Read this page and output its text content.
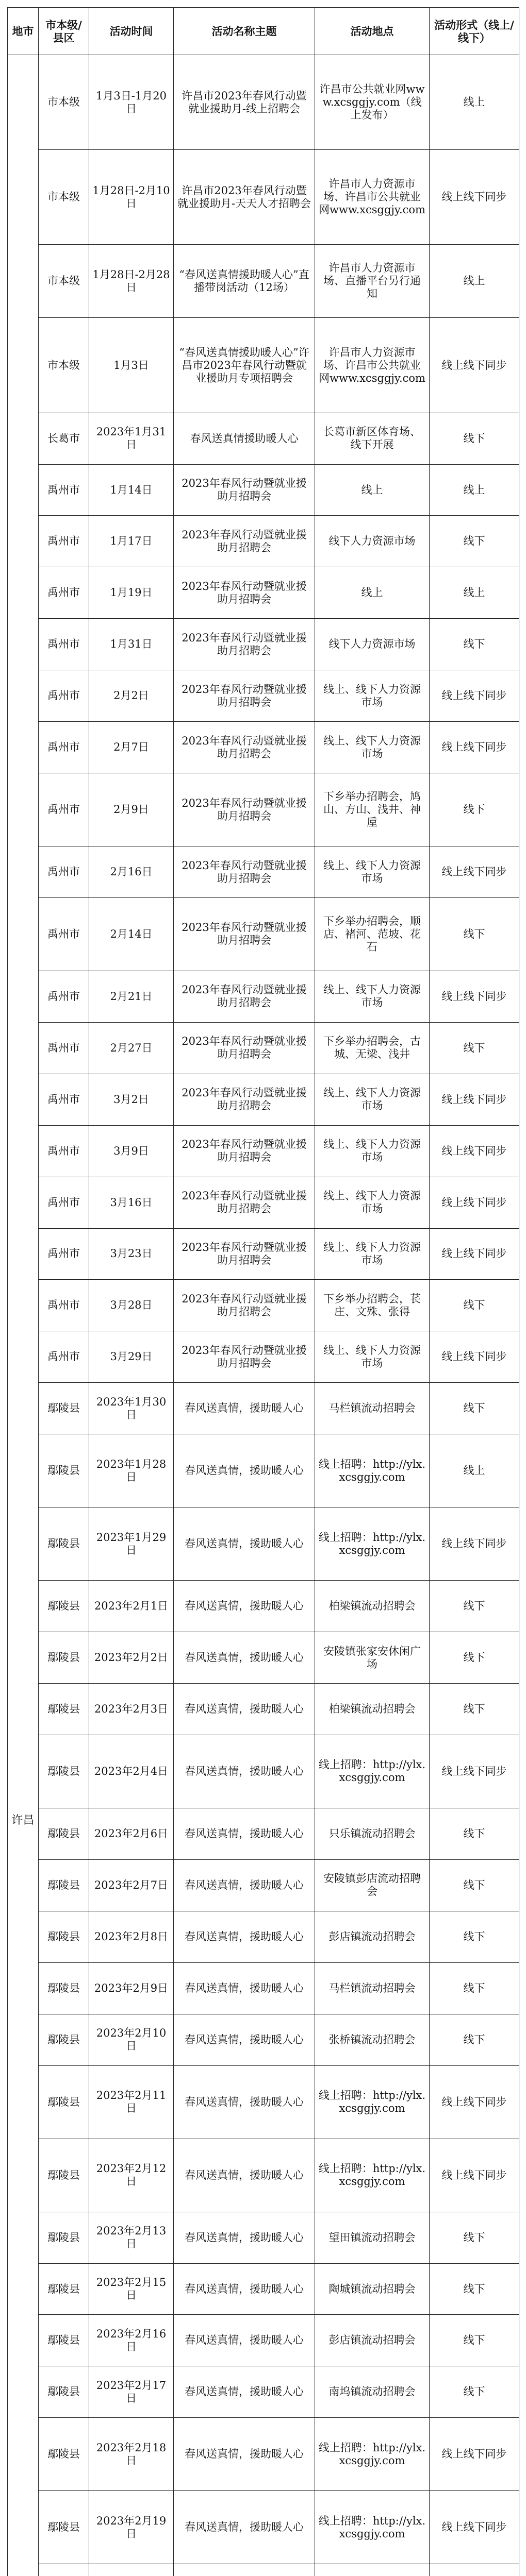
地市	市本级/县区	活动时间	活动名称主题	活动地点	活动形式（线上/线下）
许昌	市本级	1月3日-1月20日	许昌市2023年春风行动暨就业援助月-线上招聘会	许昌市公共就业网www.xcsggjy.com（线上发布）	线上
	市本级	1月28日-2月10日	许昌市2023年春风行动暨就业援助月-天天人才招聘会	许昌市人力资源市场、许昌市公共就业网www.xcsggjy.com	线上线下同步
	市本级	1月28日-2月28日	“春风送真情援助暖人心”直播带岗活动（12场）	许昌市人力资源市场、直播平台另行通知	线上
	市本级	1月3日	“春风送真情援助暖人心”许昌市2023年春风行动暨就业援助月专项招聘会	许昌市人力资源市场、许昌市公共就业网www.xcsggjy.com	线上线下同步
	长葛市	2023年1月31日	春风送真情援助暖人心	长葛市新区体育场、线下开展	线下
	禹州市	1月14日	2023年春风行动暨就业援助月招聘会	线上	线上
	禹州市	1月17日	2023年春风行动暨就业援助月招聘会	线下人力资源市场	线下
	禹州市	1月19日	2023年春风行动暨就业援助月招聘会	线上	线上
	禹州市	1月31日	2023年春风行动暨就业援助月招聘会	线下人力资源市场	线下
	禹州市	2月2日	2023年春风行动暨就业援助月招聘会	线上、线下人力资源市场	线上线下同步
	禹州市	2月7日	2023年春风行动暨就业援助月招聘会	线上、线下人力资源市场	线上线下同步
	禹州市	2月9日	2023年春风行动暨就业援助月招聘会	下乡举办招聘会，鸠山、方山、浅井、神垕	线下
	禹州市	2月16日	2023年春风行动暨就业援助月招聘会	线上、线下人力资源市场	线上线下同步
	禹州市	2月14日	2023年春风行动暨就业援助月招聘会	下乡举办招聘会，顺店、褚河、范坡、花石	线下
	禹州市	2月21日	2023年春风行动暨就业援助月招聘会	线上、线下人力资源市场	线上线下同步
	禹州市	2月27日	2023年春风行动暨就业援助月招聘会	下乡举办招聘会，古城、无梁、浅井	线下
	禹州市	3月2日	2023年春风行动暨就业援助月招聘会	线上、线下人力资源市场	线上线下同步
	禹州市	3月9日	2023年春风行动暨就业援助月招聘会	线上、线下人力资源市场	线上线下同步
	禹州市	3月16日	2023年春风行动暨就业援助月招聘会	线上、线下人力资源市场	线上线下同步
	禹州市	3月23日	2023年春风行动暨就业援助月招聘会	线上、线下人力资源市场	线上线下同步
	禹州市	3月28日	2023年春风行动暨就业援助月招聘会	下乡举办招聘会，苌庄、文殊、张得	线下
	禹州市	3月29日	2023年春风行动暨就业援助月招聘会	线上、线下人力资源市场	线上线下同步
	鄢陵县	2023年1月30日	春风送真情，援助暖人心	马栏镇流动招聘会	线下
	鄢陵县	2023年1月28日	春风送真情，援助暖人心	线上招聘：http://ylx.xcsggjy.com	线上
	鄢陵县	2023年1月29日	春风送真情，援助暖人心	线上招聘：http://ylx.xcsggjy.com	线上线下同步
	鄢陵县	2023年2月1日	春风送真情，援助暖人心	柏梁镇流动招聘会	线下
	鄢陵县	2023年2月2日	春风送真情，援助暖人心	安陵镇张家安休闲广场	线下
	鄢陵县	2023年2月3日	春风送真情，援助暖人心	柏梁镇流动招聘会	线下
	鄢陵县	2023年2月4日	春风送真情，援助暖人心	线上招聘：http://ylx.xcsggjy.com	线上线下同步
	鄢陵县	2023年2月6日	春风送真情，援助暖人心	只乐镇流动招聘会	线下
	鄢陵县	2023年2月7日	春风送真情，援助暖人心	安陵镇彭店流动招聘会	线下
	鄢陵县	2023年2月8日	春风送真情，援助暖人心	彭店镇流动招聘会	线下
	鄢陵县	2023年2月9日	春风送真情，援助暖人心	马栏镇流动招聘会	线下
	鄢陵县	2023年2月10日	春风送真情，援助暖人心	张桥镇流动招聘会	线下
	鄢陵县	2023年2月11日	春风送真情，援助暖人心	线上招聘：http://ylx.xcsggjy.com	线上线下同步
	鄢陵县	2023年2月12日	春风送真情，援助暖人心	线上招聘：http://ylx.xcsggjy.com	线上线下同步
	鄢陵县	2023年2月13日	春风送真情，援助暖人心	望田镇流动招聘会	线下
	鄢陵县	2023年2月15日	春风送真情，援助暖人心	陶城镇流动招聘会	线下
	鄢陵县	2023年2月16日	春风送真情，援助暖人心	彭店镇流动招聘会	线下
	鄢陵县	2023年2月17日	春风送真情，援助暖人心	南坞镇流动招聘会	线下
	鄢陵县	2023年2月18日	春风送真情，援助暖人心	线上招聘：http://ylx.xcsggjy.com	线上线下同步
	鄢陵县	2023年2月19日	春风送真情，援助暖人心	线上招聘：http://ylx.xcsggjy.com	线上线下同步
